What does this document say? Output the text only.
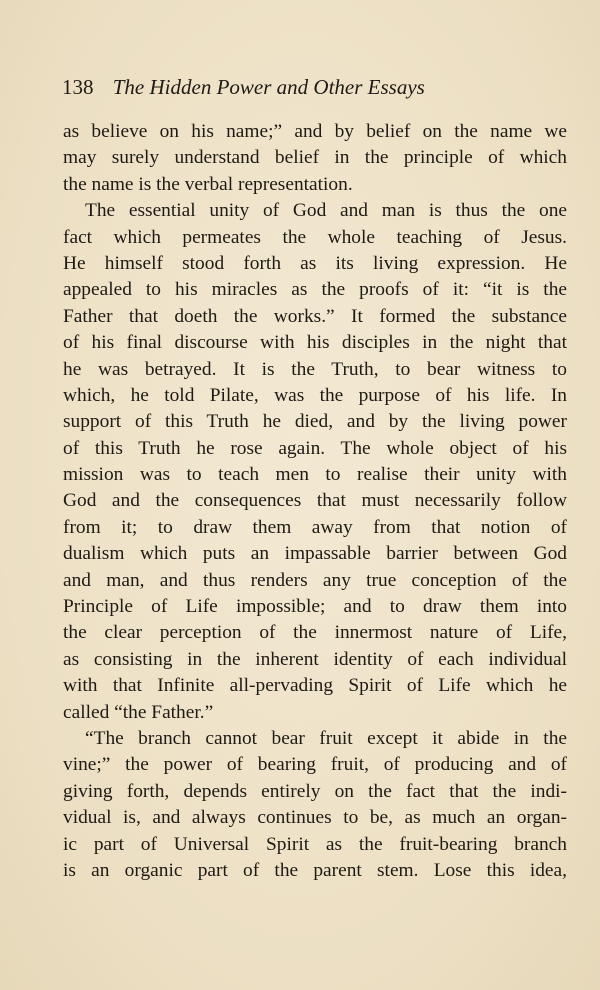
138 The Hidden Power and Other Essays
as believe on his name;” and by belief on the name we
may surely understand belief in the principle of which
the name is the verbal representation.
The essential unity of God and man is thus the one
fact which permeates the whole teaching of Jesus.
He himself stood forth as its living expression. He
appealed to his miracles as the proofs of it: “it is the
Father that doeth the works.” It formed the substance
of his final discourse with his disciples in the night that
he was betrayed. It is the Truth, to bear witness to
which, he told Pilate, was the purpose of his life. In
support of this Truth he died, and by the living power
of this Truth he rose again. The whole object of his
mission was to teach men to realise their unity with
God and the consequences that must necessarily follow
from it; to draw them away from that notion of
dualism which puts an impassable barrier between God
and man, and thus renders any true conception of the
Principle of Life impossible; and to draw them into
the clear perception of the innermost nature of Life,
as consisting in the inherent identity of each individual
with that Infinite all-pervading Spirit of Life which he
called “the Father.”
“The branch cannot bear fruit except it abide in the
vine;” the power of bearing fruit, of producing and of
giving forth, depends entirely on the fact that the indi-
vidual is, and always continues to be, as much an organ-
ic part of Universal Spirit as the fruit-bearing branch
is an organic part of the parent stem. Lose this idea,
